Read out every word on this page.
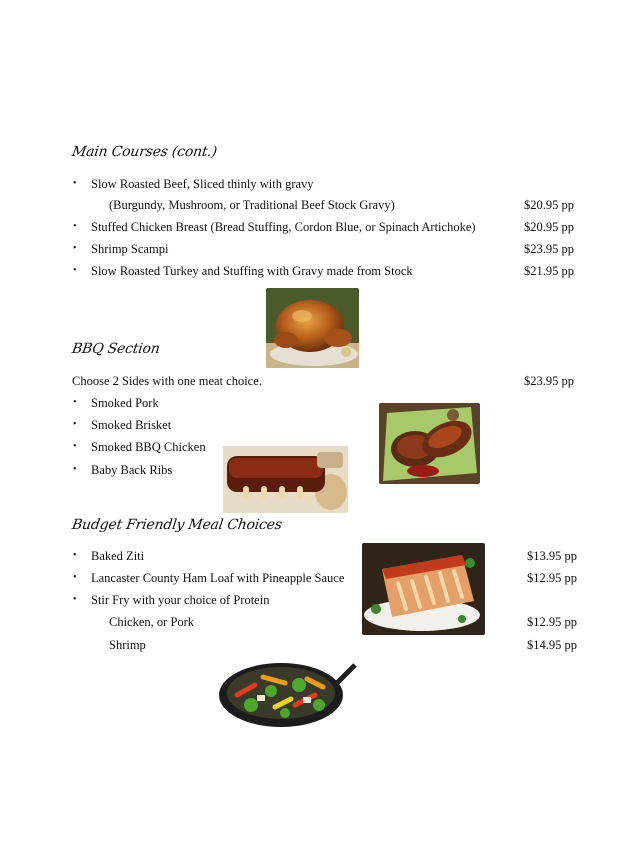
Main Courses (cont.)
• Slow Roasted Beef, Sliced thinly with gravy
(Burgundy, Mushroom, or Traditional Beef Stock Gravy)	$20.95 pp
• Stuffed Chicken Breast (Bread Stuffing, Cordon Blue, or Spinach Artichoke)	$20.95 pp
• Shrimp Scampi	$23.95 pp
• Slow Roasted Turkey and Stuffing with Gravy made from Stock	$21.95 pp
BBQ Section
Choose 2 Sides with one meat choice.	$23.95 pp
• Smoked Pork
• Smoked Brisket
• Smoked BBQ Chicken
• Baby Back Ribs
Budget Friendly Meal Choices
• Baked Ziti	$13.95 pp
• Lancaster County Ham Loaf with Pineapple Sauce	$12.95 pp
• Stir Fry with your choice of Protein
Chicken, or Pork	$12.95 pp
Shrimp	$14.95 pp
